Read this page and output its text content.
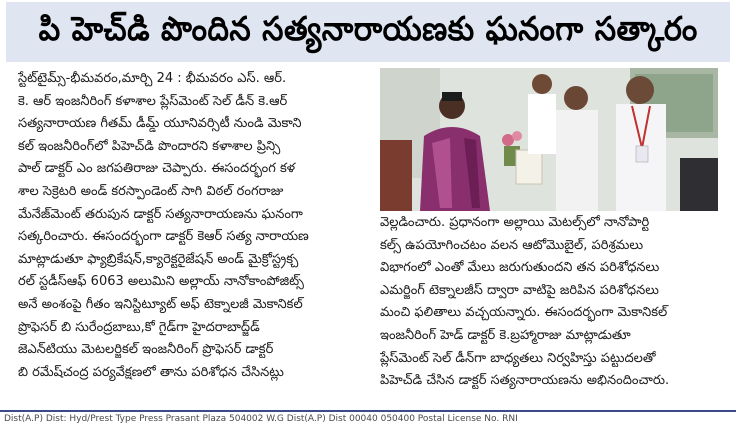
పి హెచ్‌డి పొందిన సత్యనారాయణకు ఘనంగా సత్కారం
స్టేట్‌టైమ్స్-భీమవరం,మార్చి 24 : భీమవరం ఎస్. ఆర్.
కె. ఆర్ ఇంజనీరింగ్ కళాశాల ప్లేస్‌మెంట్ సెల్ డీన్ కె.ఆర్
సత్యనారాయణ గీతమ్ డీమ్డ్ యూనివర్సిటీ నుండి మెకాని
కల్ ఇంజనీరింగ్‌లో పిహెచ్‌డి పొందారని కళాశాల ప్రిన్సి
పాల్ డాక్టర్ ఎం జగపతిరాజు చెప్పారు. ఈసందర్భంగ కళ
శాల సెక్రెటరి అండ్ కరస్పాండెంట్ సాగి విఠల్ రంగరాజు
మేనేజ్‌మెంట్ తరుపున డాక్టర్ సత్యనారాయణను ఘనంగా
సత్కరించారు. ఈసందర్భంగా డాక్టర్ కెఆర్ సత్య నారాయణ
మాట్లాడుతూ ఫ్యాబ్రికేషన్,క్యారెక్టరైజేషన్ అండ్ మైక్రోస్ట్రక్చ
రల్ స్టడీస్ఆఫ్ 6063 అలుమిని అల్లాయ్ నానోకాంపోజిట్స్
అనే అంశంపై గీతం ఇనిస్టిట్యూట్ అఫ్ టెక్నాలజీ మెకానికల్
ప్రొఫెసర్ బి సురేంద్రబాబు,కో గైడ్‌గా హైదరాబాద్జ్‌డ్
జెఎన్‌టియు మెటలర్జికల్ ఇంజనీరింగ్ ప్రొఫెసర్ డాక్టర్
బి రమేష్‌చంద్ర పర్యవేక్షణలో తాను పరిశోధన చేసినట్లు
వెల్లడించారు. ప్రధానంగా అల్లాయి మెటల్స్‌లో నానోపార్టి
కల్స్ ఉపయోగించటం వలన ఆటోమొబైల్, పరిశ్రమలు
విభాగంలో ఎంతో మేలు జరుగుతుందని తన పరిశోధనలు
ఎమర్జింగ్ టెక్నాలజీస్ ద్వారా వాటిపై జరిపిన పరిశోధనలు
మంచి ఫలితాలు వచ్చయన్నారు. ఈసందర్భంగా మెకానికల్
ఇంజనీరింగ్ హెడ్ డాక్టర్ కె.బ్రహ్మారాజు మాట్లాడుతూ
ప్లేస్‌మెంట్ సెల్ డీన్‌గా బాధ్యతలు నిర్వహిస్తు పట్టుదలతో
పిహెచ్‌డి చేసిన డాక్టర్ సత్యనారాయణను అభినందించారు.
Dist(A.P) Dist: Hyd/Prest Type Press Prasant Plaza 504002 W.G Dist(A.P) Dist 00040 050400 Postal License No. RNI
